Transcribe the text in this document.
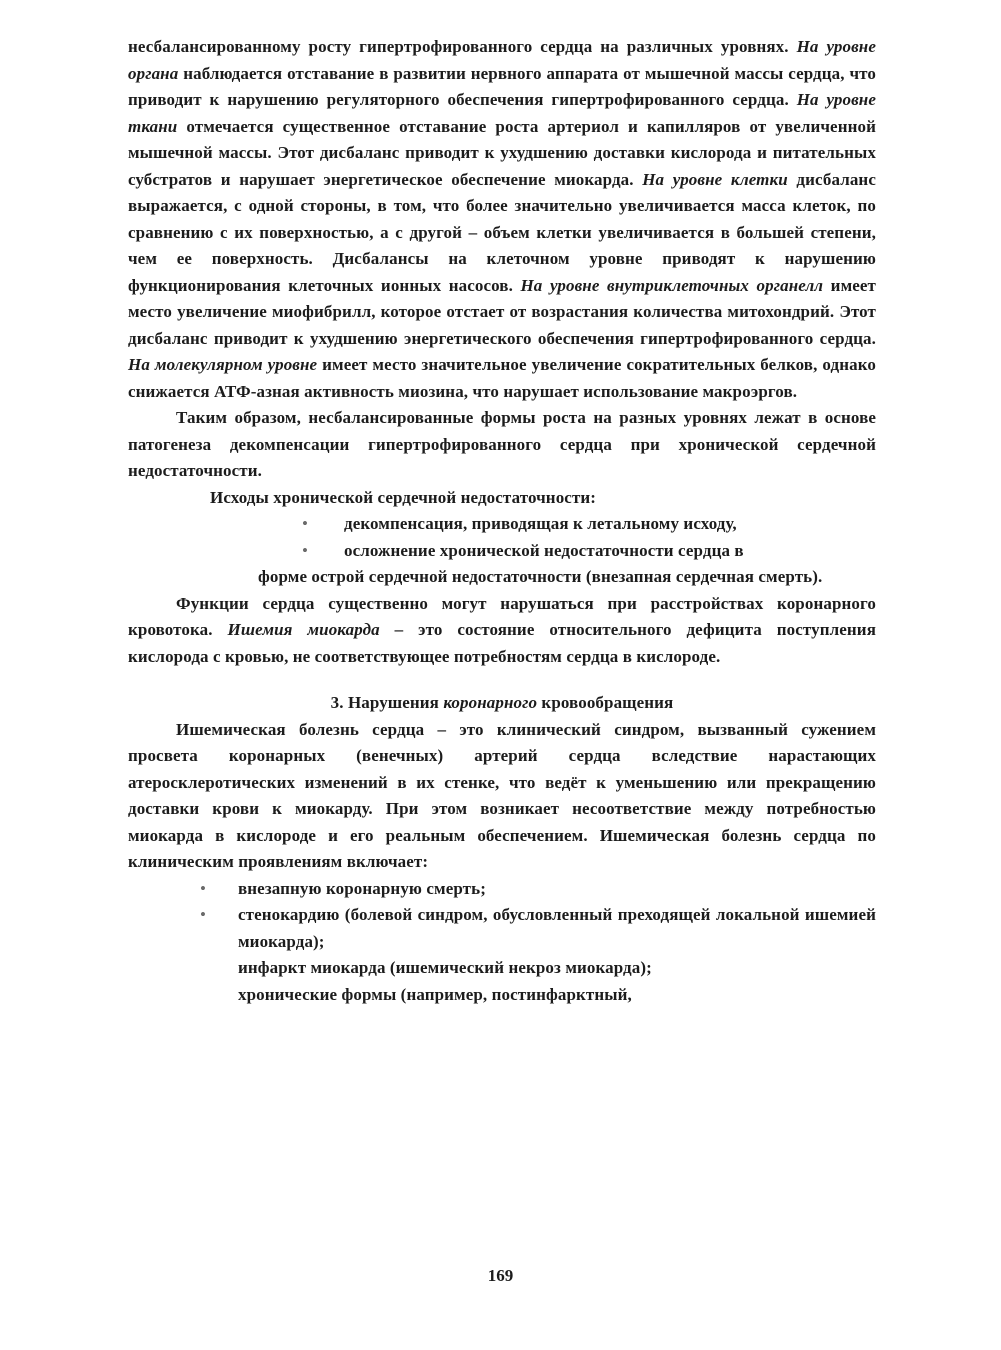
несбалансированному росту гипертрофированного сердца на различных уровнях. На уровне органа наблюдается отставание в развитии нервного аппарата от мышечной массы сердца, что приводит к нарушению регуляторного обеспечения гипертрофированного сердца. На уровне ткани отмечается существенное отставание роста артериол и капилляров от увеличенной мышечной массы. Этот дисбаланс приводит к ухудшению доставки кислорода и питательных субстратов и нарушает энергетическое обеспечение миокарда. На уровне клетки дисбаланс выражается, с одной стороны, в том, что более значительно увеличивается масса клеток, по сравнению с их поверхностью, а с другой – объем клетки увеличивается в большей степени, чем ее поверхность. Дисбалансы на клеточном уровне приводят к нарушению функционирования клеточных ионных насосов. На уровне внутриклеточных органелл имеет место увеличение миофибрилл, которое отстает от возрастания количества митохондрий. Этот дисбаланс приводит к ухудшению энергетического обеспечения гипертрофированного сердца. На молекулярном уровне имеет место значительное увеличение сократительных белков, однако снижается АТФ-азная активность миозина, что нарушает использование макроэргов.

Таким образом, несбалансированные формы роста на разных уровнях лежат в основе патогенеза декомпенсации гипертрофированного сердца при хронической сердечной недостаточности.

Исходы хронической сердечной недостаточности:

• декомпенсация, приводящая к летальному исходу,
• осложнение хронической недостаточности сердца в
форме острой сердечной недостаточности (внезапная сердечная смерть).

Функции сердца существенно могут нарушаться при расстройствах коронарного кровотока. Ишемия миокарда – это состояние относительного дефицита поступления кислорода с кровью, не соответствующее потребностям сердца в кислороде.

3. Нарушения коронарного кровообращения

Ишемическая болезнь сердца – это клинический синдром, вызванный сужением просвета коронарных (венечных) артерий сердца вследствие нарастающих атеросклеротических изменений в их стенке, что ведёт к уменьшению или прекращению доставки крови к миокарду. При этом возникает несоответствие между потребностью миокарда в кислороде и его реальным обеспечением. Ишемическая болезнь сердца по клиническим проявлениям включает:

• внезапную коронарную смерть;
• стенокардию (болевой синдром, обусловленный преходящей локальной ишемией миокарда);
инфаркт миокарда (ишемический некроз миокарда);
хронические формы (например, постинфарктный,
169
